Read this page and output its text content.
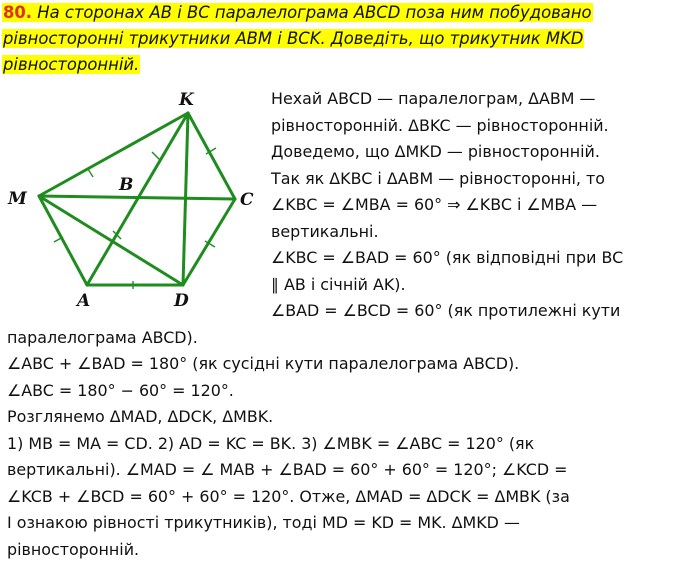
80. На сторонах AB і BC паралелограма ABCD поза ним побудовано рівносторонні трикутники ABM і BCK. Доведіть, що трикутник MKD рівносторонній.
K
M
B
C
A	D
Нехай ABCD — паралелограм, ΔABM —
рівносторонній. ΔBKC — рівносторонній.
Доведемо, що ΔMKD — рівносторонній.
Так як ΔKBC і ΔABM — рівносторонні, то
∠KBC = ∠MBA = 60° ⇒ ∠KBC і ∠MBA —
вертикальні.
∠KBC = ∠BAD = 60° (як відповідні при BC
∥ AB і січній AK).
∠BAD = ∠BCD = 60° (як протилежні кути
паралелограма ABCD).
∠ABC + ∠BAD = 180° (як сусідні кути паралелограма ABCD).
∠ABC = 180° − 60° = 120°.
Розглянемо ΔMAD, ΔDCK, ΔMBK.
1) MB = MA = CD. 2) AD = KC = BK. 3) ∠MBK = ∠ABC = 120° (як
вертикальні). ∠MAD = ∠ MAB + ∠BAD = 60° + 60° = 120°; ∠KCD =
∠KCB + ∠BCD = 60° + 60° = 120°. Отже, ΔMAD = ΔDCK = ΔMBK (за
I ознакою рівності трикутників), тоді MD = KD = MK. ΔMKD —
рівносторонній.
